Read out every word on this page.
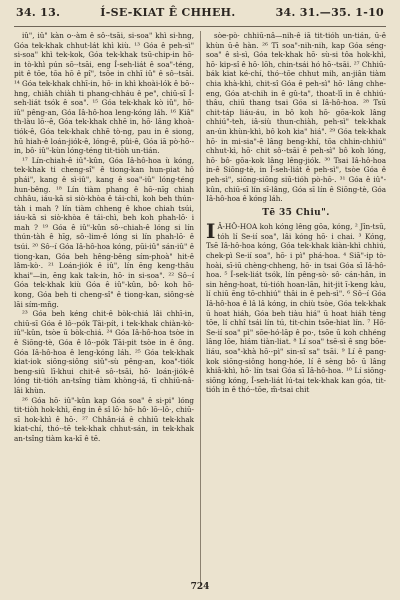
34. 13.	Í-SE-KIAT Ê CHHEH.	34. 31.—35. 1-10

iû", iû" kàn o·-àm ê sô·-tsāi, si-soa" khì si-hng, Góa tek-khak chhut-lát khì kiù. ¹³ Góa ê peh-sì" si-soa" khì tek-kok, Góa tek-khak tsū-chip-in hō· in tò-khì pún sō·-tsāi, eng Í-seh-liát ê soa"-téng, pit ê tōe, tōa hō ê pî", tsōe in chhī iû" ê sô·-tsāi. ¹⁴ Góa tek-khak chhī-in, hō· in khì khoài-lók ê bō·-hng, chiâh chiàh ti phang-chháu ê pe", chiū-sī Í-seh-liát tsók ê soa". ¹⁵ Góa tek-khak kò iû", hō· iû" pêng-an, Góa Iâ-hô-hoa leng-kóng láh. ¹⁶ Kiâ" th-làu lō·-ê, Góa tek-khak chhē in, hō· lâng khoà-tiók-ê, Góa tek-khak chhē tò-ng, pau in ê siong, hū hiah-ê loán-jiók-ê, lóng-ê, pûi-ê, Góa iā pò·hō·-in, bô· iû"-kùn lóng-téng tit-tiòh un-tián.

¹⁷ Lín-chiah-ê iû"-kûn, Góa Iâ-hô-hoa ù kóng, tek-khak ti cheng-sî" ê tiong-kan hun-piat hô phái", kang ê sì-iû", kang ê soa"-iû" lóng-téng hun-bêng. ¹⁸ Lín tiàm phang ê hō·-nīg chiah chhâu, iáu-kā si siò-khòa ê tái-chì, koh beh thún-tàh i mah ? lín tiàm chheng ê khoe chiah tsúi, iáu-kā si siò-khòa ê tái-chì, beh koh phah-lō· i mah ? ¹⁹ Góa ê iû"-kûn sô·-chiah-ê lóng si lín thún-tàh ê hīg, sô·-lim-ê lóng si lín phah-lō· ê tsúi. ²⁰ Sô·-í Góa Iâ-hô-hoa kóng, pūi-iû" sán-iû" ê tiong-kan, Góa beh hêng-bêng sím-phoà" hit-ê lâm-kò·. ²¹ Loán-jiók ê iû", lín ēng keng-thâu khai"—in, ēng kak tak-in, hō· in si-soa". ²² Sô·-í Góa tek-khak kiù Góa ê iû"-kûn, bô· koh hō· kong, Góa beh ti cheng-sî" ê tiong-kan, siông-sè lāi sím-mn̄g.

²³ Góa beh kéng chit-ê bòk-chiá lâi chhī-in, chiū-sī Góa ê lô·-pók Tāi-pít, i tek-khak chiàn-kò· iû"-kûn, tsòe ū bòk-chiá. ²⁴ Góa Iâ-hô-hoa tsòe in ê Siōng-tè, Góa ê lô·-pók Tāi-pit tsòe in ê ông. Góa Iâ-hô-hoa ê leng-kóng láh. ²⁵ Góa tek-khak kiat-iok siōng-siông siû"-sù pêng-an, koa"-tiók beng-siû lī-khui chit-ê sô·-tsāi, hō· loán-jiók-ê lóng tit-tióh an-tsîng tiàm khòng-iá, tī chhiū-nâ-lāi khùn.

²⁶ Góa hō· iû"-kûn kap Góa soa" ê si-pi" lóng tit-tiòh hok-khì, ēng in ê sî lō· hō· hô· lō·-lō·, chiū-sī hok-khì ê hō·. ²⁷ Chhân-iá ê chhiū tek-khak kiat-chí, thó·-tē tek-khak chhut-sán, in tek-khak an-tsîng tiàm ka-kī ê tē.

sòe-pò· chhiū-nâ—nih-ê iā tit-tióh un-tián, ū-ê khùn ū-ê hàn. ²⁶ Tī soa"-nih-nih, kap Góa séng-soa" ê sì-sì, Góa tek-khak hō· sù-si tôa hok-khì, hō· kip-sî ê hō· lōh, chin-tsái hó hō·-tsāi. ²⁷ Chhiū-bák kiat ké-chí, thó·-tōe chhut mih, an-jiân tiàm chia khà-khì, chit-sî Góa ê peh-sì" hō· lâng chhe-eng, Góa at-chih in ê gû-ta", thoat-lī in ê chhiú-thâu, chiū thang tsai Góa si Iâ-hô-hoa. ²⁸ Tsū chit-táp liáu-áu, in bô koh hō· gōa-kok lâng chhiú"-teh, iâ-siù thun-chiàh, peh-sì" tek-khak an-ún khùn-khì, bô koh kia" hiá". ²⁹ Góa tek-khak hō· in mi-sia"-ê lâng beng-khí, tōa chhin-chhiú" chhut-kì, hō· chit sô·-tsāi ê peh-sì" bô koh lóng, hō· bô· gōa-kok lâng lêng-jiók. ³⁰ Tsai Iâ-hô-hoa in-ê Siōng-tè, in Í-seh-liát ê peh-sì", tsòe Góa ê peh-sì", siōng-siōng siū-tióh pò-hō·. ³¹ Góa ê iû"-kûn, chiū-sī lín sī-lâng, Góa sī lín ê Siōng-tè, Góa Iâ-hô-hoa ê kóng láh.

Tē 35 Chiu".

I Â-HÔ-HOA koh kóng lêng gōa, kóng, ² Jîn-tsū, tóh lí Se-ií soa", lâi kóng hō· i chai. ³ Kóng, Tsē Iâ-hô-hoa kóng, Góa tek-khak kiàn-khì chhiú, chek-pì Se-ií soa", hō· i pì" phá-hoa. ⁴ Siā"-ip tò-hoài, sī-iū chèng-chheng, hō· in tsai Góa sī Iâ-hô-hoa. ⁵ Í-sek-liát tsók, lín pêng-sò· sô· cán-hân, in sin hêng-hoat, tú-tióh hoan-lān, hit-jit ī-keng kàu, lí chiū ēng tō-chhiú" thâi in ê peh-sì". ⁶ Sô·-í Góa Iâ-hô-hoa ê lâ lâ kóng, in chiù tsòe, Góa tek-khak ū hoat hiáh, Góa beh tiàu hiá" ū hoat hiáh tèng tōe, lí chhî tsái lín tú, tit-chin tsōe-hiat lín. ⁷ Hō· Se-ií soa" pì" sōe-hó-lāp ê po·, tsōe ū koh chhéng lâng lōe, hiám tiàn-liat. ⁸ Lí soa" tsē-sì ê sng bōe-liáu, soa"-khà hō·-pì" sin-sî sa" tsāi. ⁹ Lí ê pang-kok siōng-siông hong-hóe, lí ê sèng bô· ū lâng khiâ-khì, hō· lín tsai Góa sī Iâ-hô-hoa. ¹⁰ Lí siōng-siōng kóng, Í-seh-liát lú-tai tek-khak kan góa, tit-tióh in ê thó·-tōe, m̄-tsai chit

724
